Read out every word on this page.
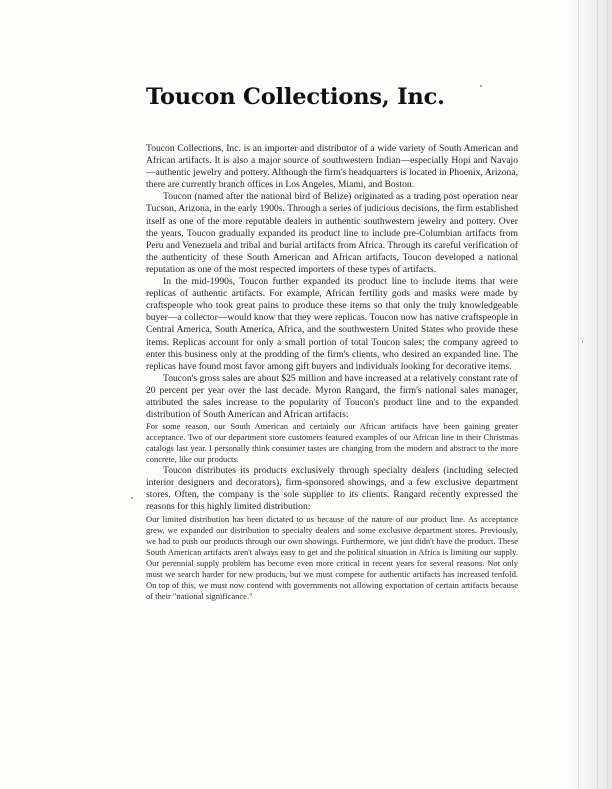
Toucon Collections, Inc.

Toucon Collections, Inc. is an importer and distributor of a wide variety of South American and African artifacts. It is also a major source of southwestern Indian—especially Hopi and Navajo—authentic jewelry and pottery. Although the firm's headquarters is located in Phoenix, Arizona, there are currently branch offices in Los Angeles, Miami, and Boston.

Toucon (named after the national bird of Belize) originated as a trading post operation near Tucson, Arizona, in the early 1900s. Through a series of judicious decisions, the firm established itself as one of the more reputable dealers in authentic southwestern jewelry and pottery. Over the years, Toucon gradually expanded its product line to include pre-Columbian artifacts from Peru and Venezuela and tribal and burial artifacts from Africa. Through its careful verification of the authenticity of these South American and African artifacts, Toucon developed a national reputation as one of the most respected importers of these types of artifacts.

In the mid-1990s, Toucon further expanded its product line to include items that were replicas of authentic artifacts. For example, African fertility gods and masks were made by craftspeople who took great pains to produce these items so that only the truly knowledgeable buyer—a collector—would know that they were replicas. Toucon now has native craftspeople in Central America, South America, Africa, and the southwestern United States who provide these items. Replicas account for only a small portion of total Toucon sales; the company agreed to enter this business only at the prodding of the firm's clients, who desired an expanded line. The replicas have found most favor among gift buyers and individuals looking for decorative items.

Toucon's gross sales are about $25 million and have increased at a relatively constant rate of 20 percent per year over the last decade. Myron Rangard, the firm's national sales manager, attributed the sales increase to the popularity of Toucon's product line and to the expanded distribution of South American and African artifacts:

For some reason, our South American and certainly our African artifacts have been gaining greater acceptance. Two of our department store customers featured examples of our African line in their Christmas catalogs last year. I personally think consumer tastes are changing from the modern and abstract to the more concrete, like our products.

Toucon distributes its products exclusively through specialty dealers (including selected interior designers and decorators), firm-sponsored showings, and a few exclusive department stores. Often, the company is the sole supplier to its clients. Rangard recently expressed the reasons for this highly limited distribution:

Our limited distribution has been dictated to us because of the nature of our product line. As acceptance grew, we expanded our distribution to specialty dealers and some exclusive department stores. Previously, we had to push our products through our own showings. Furthermore, we just didn't have the product. These South American artifacts aren't always easy to get and the political situation in Africa is limiting our supply. Our perennial supply problem has become even more critical in recent years for several reasons. Not only must we search harder for new products, but we must compete for authentic artifacts has increased tenfold. On top of this, we must now contend with governments not allowing exportation of certain artifacts because of their "national significance."
